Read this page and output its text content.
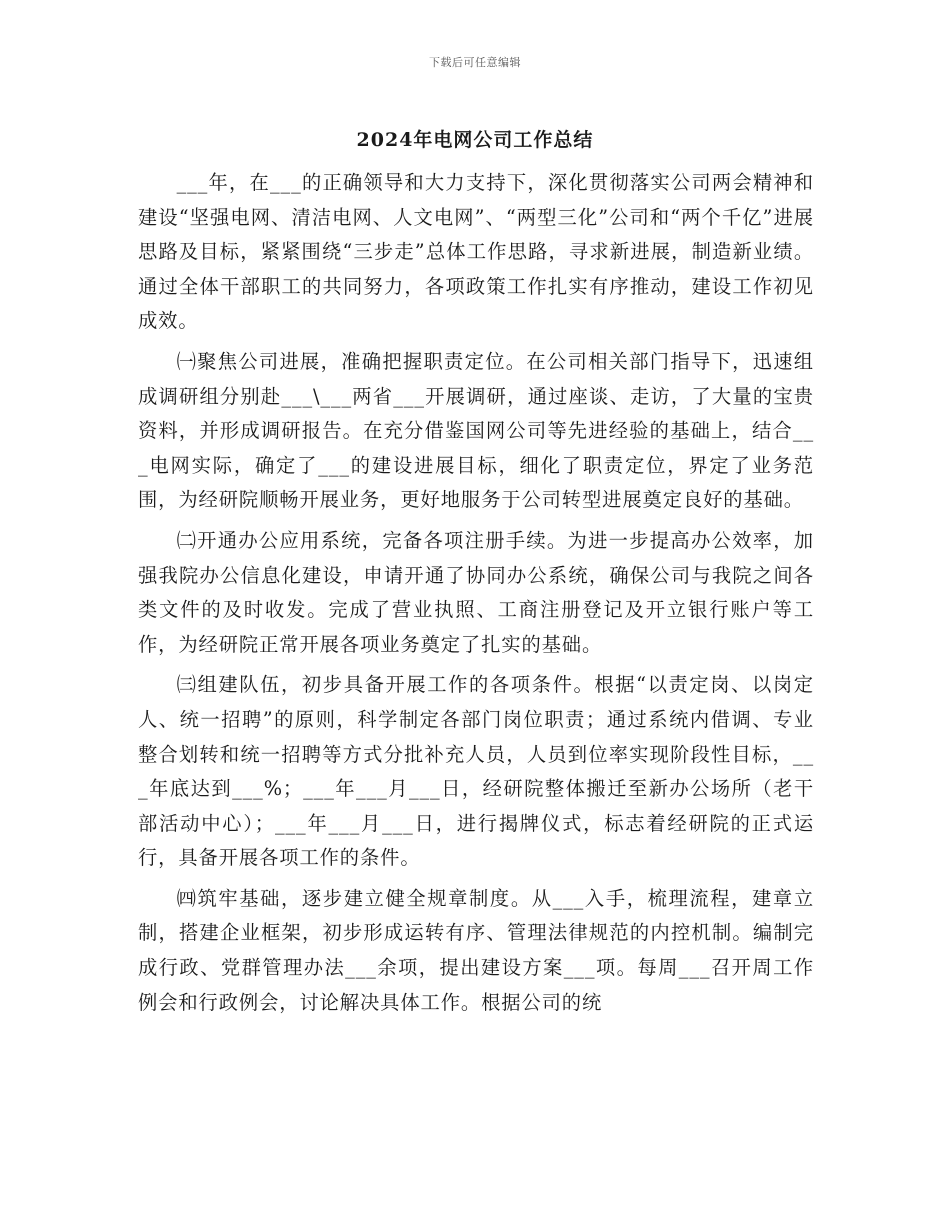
下载后可任意编辑
2024年电网公司工作总结

___年，在___的正确领导和大力支持下，深化贯彻落实公司两会精神和建设“坚强电网、清洁电网、人文电网”、“两型三化”公司和“两个千亿”进展思路及目标，紧紧围绕“三步走”总体工作思路，寻求新进展，制造新业绩。通过全体干部职工的共同努力，各项政策工作扎实有序推动，建设工作初见成效。

㈠聚焦公司进展，准确把握职责定位。在公司相关部门指导下，迅速组成调研组分别赴___\___两省___开展调研，通过座谈、走访，了大量的宝贵资料，并形成调研报告。在充分借鉴国网公司等先进经验的基础上，结合___电网实际，确定了___的建设进展目标，细化了职责定位，界定了业务范围，为经研院顺畅开展业务，更好地服务于公司转型进展奠定良好的基础。

㈡开通办公应用系统，完备各项注册手续。为进一步提高办公效率，加强我院办公信息化建设，申请开通了协同办公系统，确保公司与我院之间各类文件的及时收发。完成了营业执照、工商注册登记及开立银行账户等工作，为经研院正常开展各项业务奠定了扎实的基础。

㈢组建队伍，初步具备开展工作的各项条件。根据“以责定岗、以岗定人、统一招聘”的原则，科学制定各部门岗位职责；通过系统内借调、专业整合划转和统一招聘等方式分批补充人员，人员到位率实现阶段性目标，___年底达到___%；___年___月___日，经研院整体搬迁至新办公场所（老干部活动中心）；___年___月___日，进行揭牌仪式，标志着经研院的正式运行，具备开展各项工作的条件。

㈣筑牢基础，逐步建立健全规章制度。从___入手，梳理流程，建章立制，搭建企业框架，初步形成运转有序、管理法律规范的内控机制。编制完成行政、党群管理办法___余项，提出建设方案___项。每周___召开周工作例会和行政例会，讨论解决具体工作。根据公司的统
